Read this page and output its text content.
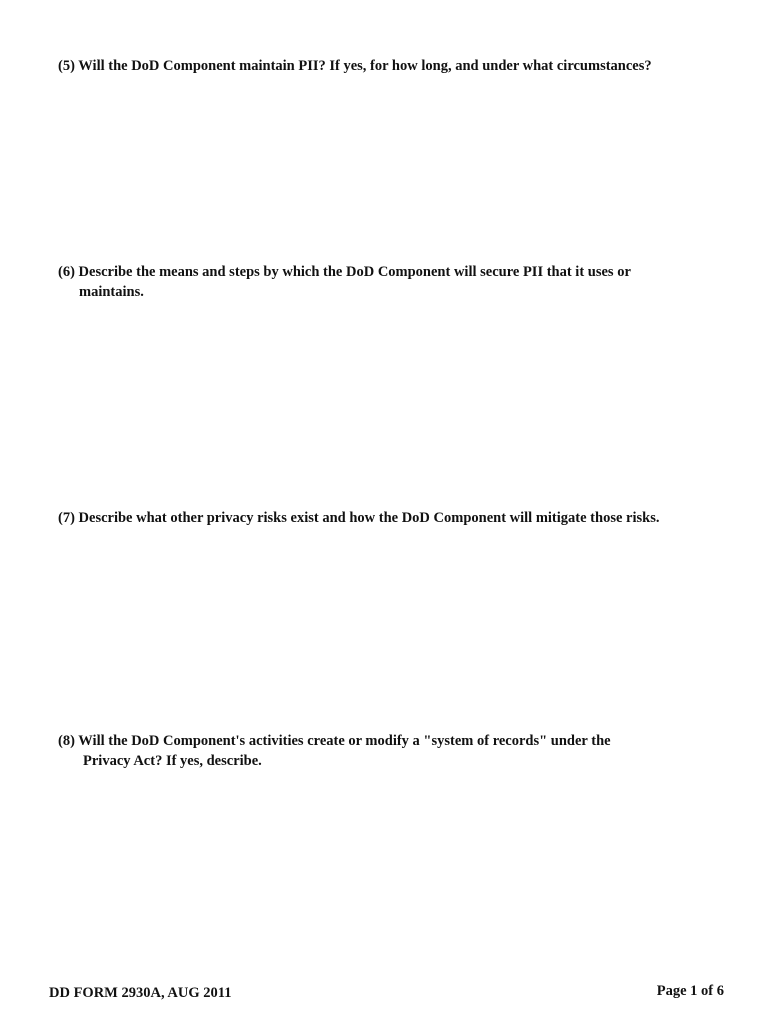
(5) Will the DoD Component maintain PII? If yes, for how long, and under what circumstances?
(6) Describe the means and steps by which the DoD Component will secure PII that it uses or
maintains.
(7) Describe what other privacy risks exist and how the DoD Component will mitigate those risks.
(8) Will the DoD Component's activities create or modify a "system of records" under the
Privacy Act? If yes, describe.
DD FORM 2930A, AUG 2011	Page 1 of 6
